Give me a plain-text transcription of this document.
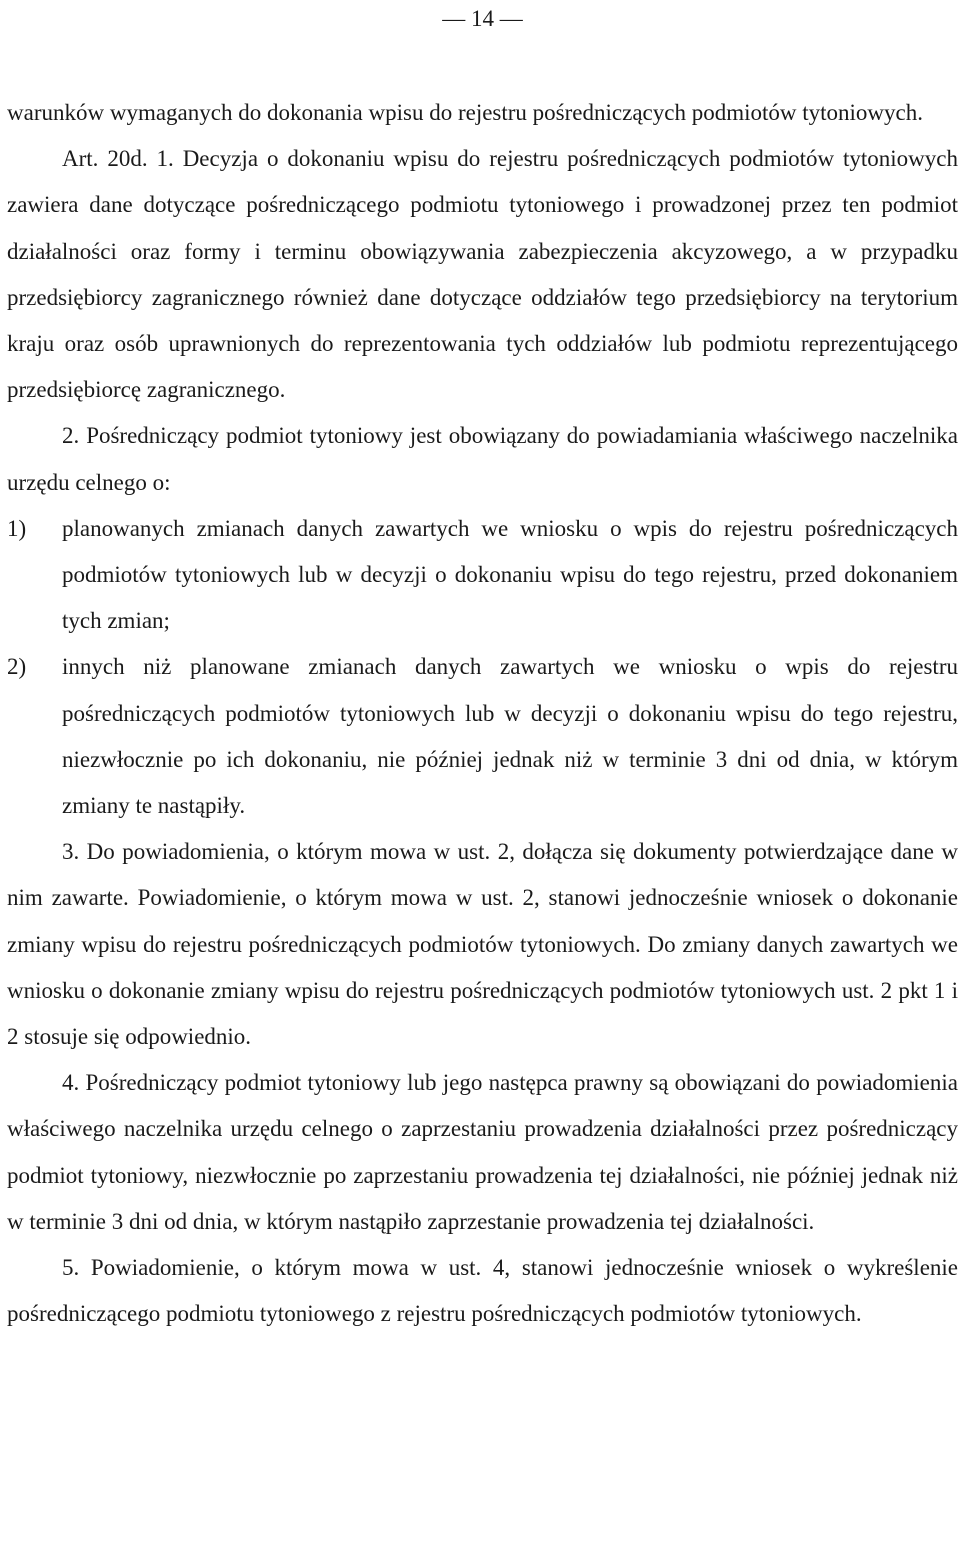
— 14 —

warunków wymaganych do dokonania wpisu do rejestru pośredniczących podmiotów tytoniowych.

Art. 20d. 1. Decyzja o dokonaniu wpisu do rejestru pośredniczących podmiotów tytoniowych zawiera dane dotyczące pośredniczącego podmiotu tytoniowego i prowadzonej przez ten podmiot działalności oraz formy i terminu obowiązywania zabezpieczenia akcyzowego, a w przypadku przedsiębiorcy zagranicznego również dane dotyczące oddziałów tego przedsiębiorcy na terytorium kraju oraz osób uprawnionych do reprezentowania tych oddziałów lub podmiotu reprezentującego przedsiębiorcę zagranicznego.

2. Pośredniczący podmiot tytoniowy jest obowiązany do powiadamiania właściwego naczelnika urzędu celnego o:

1) planowanych zmianach danych zawartych we wniosku o wpis do rejestru pośredniczących podmiotów tytoniowych lub w decyzji o dokonaniu wpisu do tego rejestru, przed dokonaniem tych zmian;
2) innych niż planowane zmianach danych zawartych we wniosku o wpis do rejestru pośredniczących podmiotów tytoniowych lub w decyzji o dokonaniu wpisu do tego rejestru, niezwłocznie po ich dokonaniu, nie później jednak niż w terminie 3 dni od dnia, w którym zmiany te nastąpiły.

3. Do powiadomienia, o którym mowa w ust. 2, dołącza się dokumenty potwierdzające dane w nim zawarte. Powiadomienie, o którym mowa w ust. 2, stanowi jednocześnie wniosek o dokonanie zmiany wpisu do rejestru pośredniczących podmiotów tytoniowych. Do zmiany danych zawartych we wniosku o dokonanie zmiany wpisu do rejestru pośredniczących podmiotów tytoniowych ust. 2 pkt 1 i 2 stosuje się odpowiednio.

4. Pośredniczący podmiot tytoniowy lub jego następca prawny są obowiązani do powiadomienia właściwego naczelnika urzędu celnego o zaprzestaniu prowadzenia działalności przez pośredniczący podmiot tytoniowy, niezwłocznie po zaprzestaniu prowadzenia tej działalności, nie później jednak niż w terminie 3 dni od dnia, w którym nastąpiło zaprzestanie prowadzenia tej działalności.

5. Powiadomienie, o którym mowa w ust. 4, stanowi jednocześnie wniosek o wykreślenie pośredniczącego podmiotu tytoniowego z rejestru pośredniczących podmiotów tytoniowych.
